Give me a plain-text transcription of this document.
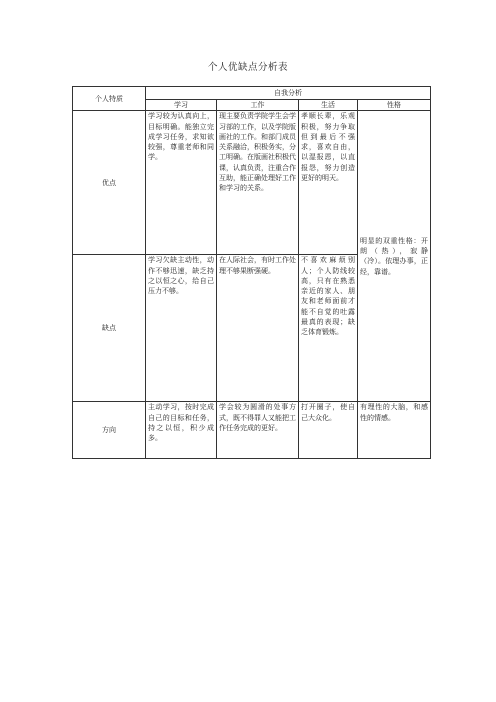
个人优缺点分析表
个人特质	自我分析			
	学习	工作	生活	性格
优点	学习较为认真向上，目标明确。能独立完成学习任务，求知欲较强，尊重老师和同学。	现主要负责学院学生会学习部的工作，以及学院版画社的工作。和部门成员关系融洽，积极务实，分工明确。在版画社积极代课，认真负责，注重合作互助，能正确处理好工作和学习的关系。	孝顺长辈，乐观积极，努力争取但到最后不强求，喜欢自由，以湿报恩，以直报怨，努力创造更好的明天。	明显的双重性格：开朗（热），寂静（冷）。依理办事，正经，靠谱。

缺点	学习欠缺主动性，动作不够迅速，缺乏持之以恒之心，给自己压力不够。	在人际社会，有时工作处理不够果断强硬。	不喜欢麻烦别人；个人防线较高，只有在熟悉亲近的家人、朋友和老师面前才能不自觉的吐露最真的表现；缺乏体育锻炼。	

方向	主动学习，按时完成自己的目标和任务，持之以恒，积少成多。	学会较为圆滑的处事方式，既不得罪人又能把工作任务完成的更好。	打开圈子，使自己大众化。	有理性的大脑，和感性的情感。
